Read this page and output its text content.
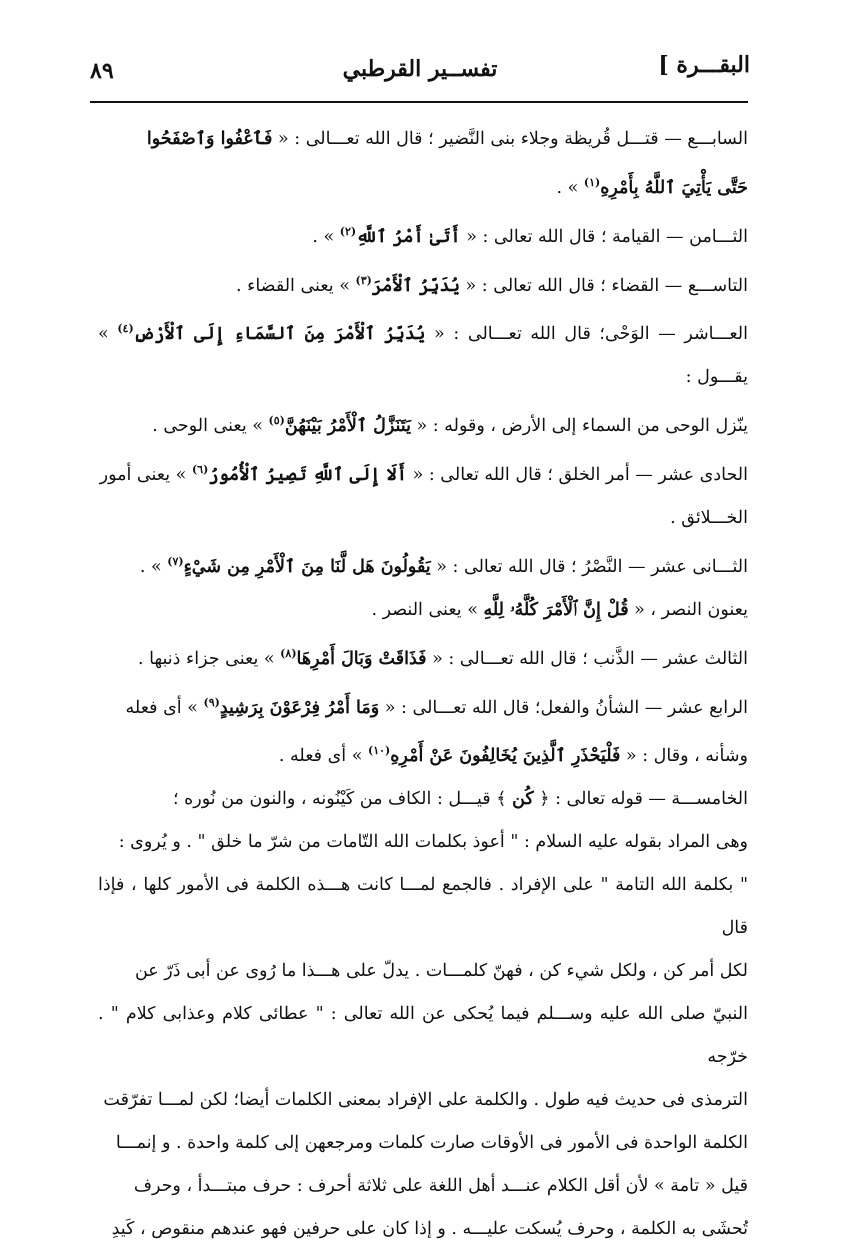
البقـــرة ]
تفســير القرطبي
٨٩

السابـــع — قتـــل قُريظة وجلاء بنى النَّضير ؛ قال الله تعـــالى : « فَٱعْفُوا وَٱصْفَحُوا

حَتَّى يَأْتِيَ ٱللَّهُ بِأَمْرِهِ$^{(١)}$ » .

الثـــامن — القيامة ؛ قال الله تعالى : « أَتَىٰ أَمْرُ ٱللَّهِ$^{(٢)}$ » .

التاســـع — القضاء ؛ قال الله تعالى : « يُدَبِّرُ ٱلْأَمْرَ$^{(٣)}$ » يعنى القضاء .

العـــاشر — الوَحْى؛ قال الله تعـــالى : « يُدَبِّرُ ٱلْأَمْرَ مِنَ ٱلسَّمَاءِ إِلَى ٱلْأَرْضِ$^{(٤)}$ » يقـــول :

ينّزل الوحى من السماء إلى الأرض ، وقوله : « يَتَنَزَّلُ ٱلْأَمْرُ بَيْنَهُنَّ$^{(٥)}$ » يعنى الوحى .

الحادى عشر — أمر الخلق ؛ قال الله تعالى : « أَلَا إِلَى ٱللَّهِ تَصِيرُ ٱلْأُمُورُ$^{(٦)}$ » يعنى أمور

الخـــلائق .

الثـــانى عشر — النَّصْرُ ؛ قال الله تعالى : « يَقُولُونَ هَل لَّنَا مِنَ ٱلْأَمْرِ مِن شَيْءٍ$^{(٧)}$ » .

يعنون النصر ، « قُلْ إِنَّ ٱلْأَمْرَ كُلَّهُۥ لِلَّهِ » يعنى النصر .

الثالث عشر — الذَّنب ؛ قال الله تعـــالى : « فَذَاقَتْ وَبَالَ أَمْرِهَا$^{(٨)}$ » يعنى جزاء ذنبها .

الرابع عشر — الشأنُ والفعل؛ قال الله تعـــالى : « وَمَا أَمْرُ فِرْعَوْنَ بِرَشِيدٍ$^{(٩)}$ » أى فعله

وشأنه ، وقال : « فَلْيَحْذَرِ ٱلَّذِينَ يُخَالِفُونَ عَنْ أَمْرِهِ$^{(١٠)}$ » أى فعله .

الخامســـة — قوله تعالى : ﴿ كُن ﴾ قيـــل : الكاف من كَيْنُونه ، والنون من نُوره ؛

وهى المراد بقوله عليه السلام : " أعوذ بكلمات الله التّامات من شرّ ما خلق " . و يُروى :

" بكلمة الله التامة " على الإفراد . فالجمع لمـــا كانت هـــذه الكلمة فى الأمور كلها ، فإذا قال

لكل أمر كن ، ولكل شيء كن ، فهنّ كلمـــات . يدلّ على هـــذا ما رُوى عن أبى ذَرّ عن

النبيّ صلى الله عليه وســـلم فيما يُحكى عن الله تعالى : " عطائى كلام وعذابى كلام " . خرّجه

الترمذى فى حديث فيه طول . والكلمة على الإفراد بمعنى الكلمات أيضا؛ لكن لمـــا تفرّقت

الكلمة الواحدة فى الأمور فى الأوقات صارت كلمات ومرجعهن إلى كلمة واحدة . و إنمـــا

قيل « تامة » لأن أقل الكلام عنـــد أهل اللغة على ثلاثة أحرف : حرف مبتـــدأ ، وحرف

تُحشَى به الكلمة ، وحرف يُسكت عليـــه . و إذا كان على حرفين فهو عندهم منقوص ، كَيدِ
